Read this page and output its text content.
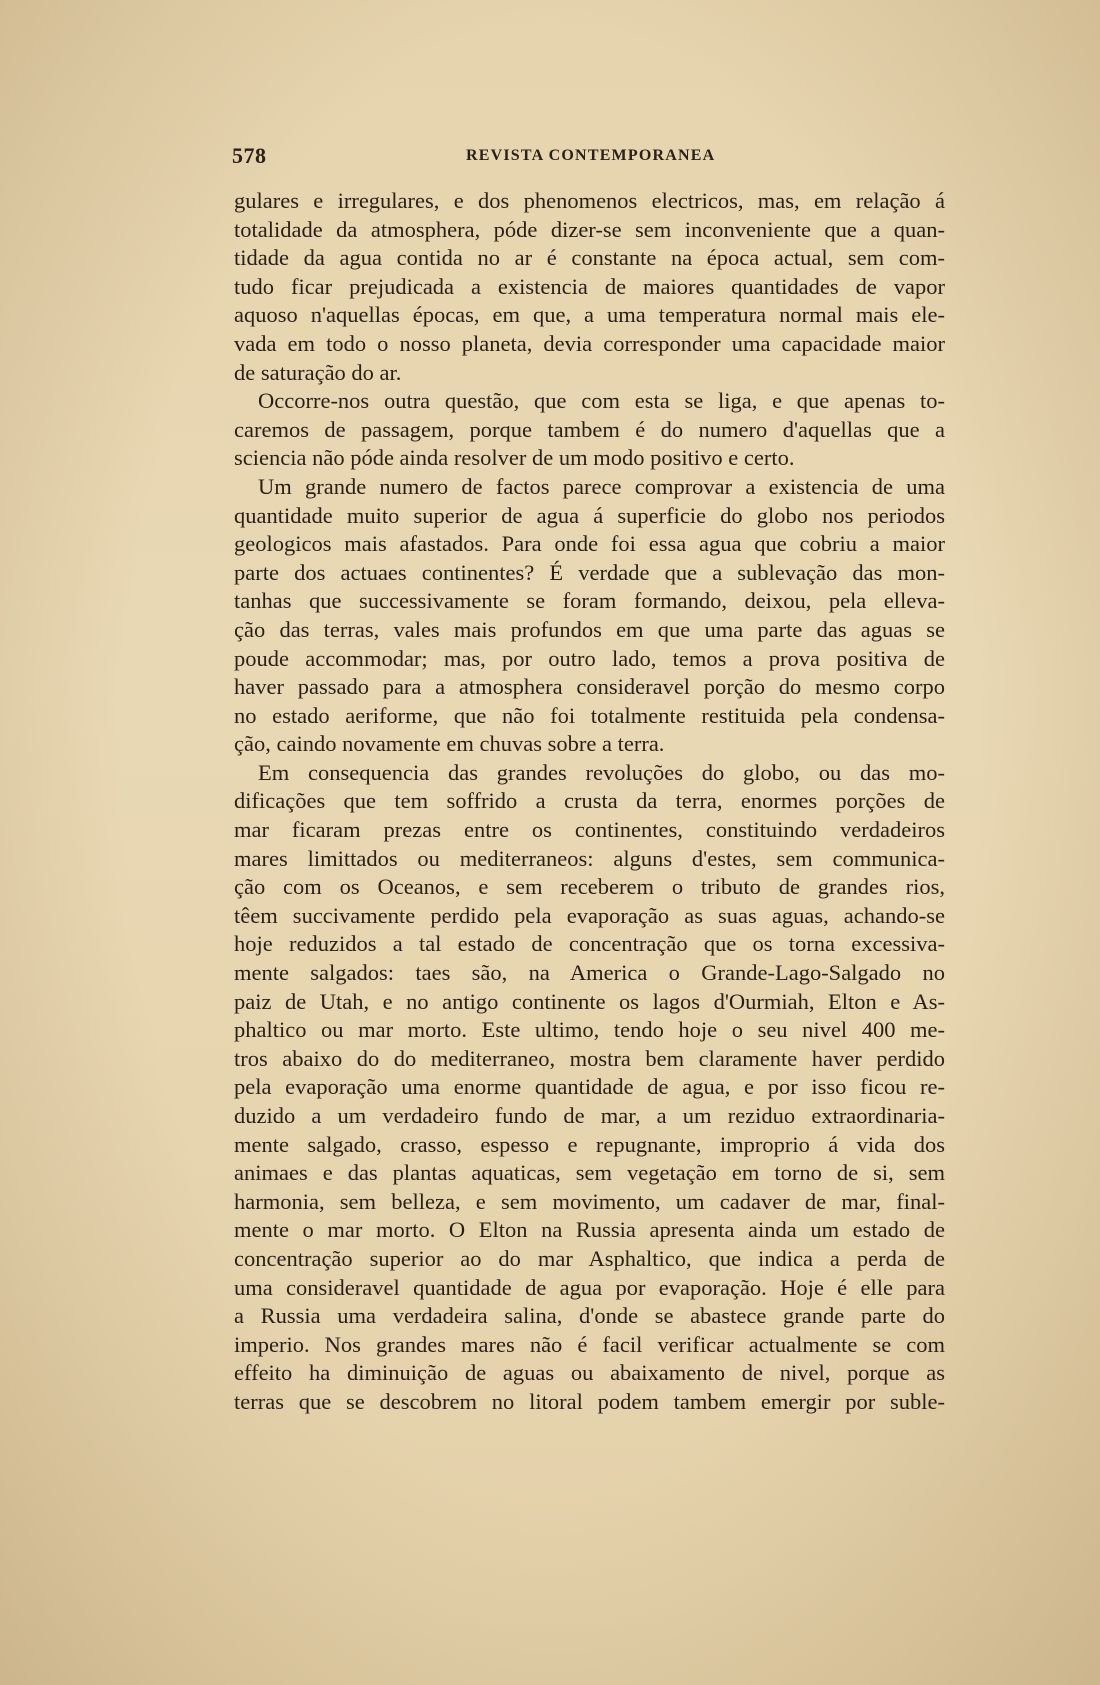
578	REVISTA CONTEMPORANEA
gulares e irregulares, e dos phenomenos electricos, mas, em relação á
totalidade da atmosphera, póde dizer-se sem inconveniente que a quan-
tidade da agua contida no ar é constante na época actual, sem com-
tudo ficar prejudicada a existencia de maiores quantidades de vapor
aquoso n'aquellas épocas, em que, a uma temperatura normal mais ele-
vada em todo o nosso planeta, devia corresponder uma capacidade maior
de saturação do ar.
Occorre-nos outra questão, que com esta se liga, e que apenas to-
caremos de passagem, porque tambem é do numero d'aquellas que a
sciencia não póde ainda resolver de um modo positivo e certo.
Um grande numero de factos parece comprovar a existencia de uma
quantidade muito superior de agua á superficie do globo nos periodos
geologicos mais afastados. Para onde foi essa agua que cobriu a maior
parte dos actuaes continentes? É verdade que a sublevação das mon-
tanhas que successivamente se foram formando, deixou, pela elleva-
ção das terras, vales mais profundos em que uma parte das aguas se
poude accommodar; mas, por outro lado, temos a prova positiva de
haver passado para a atmosphera consideravel porção do mesmo corpo
no estado aeriforme, que não foi totalmente restituida pela condensa-
ção, caindo novamente em chuvas sobre a terra.
Em consequencia das grandes revoluções do globo, ou das mo-
dificações que tem soffrido a crusta da terra, enormes porções de
mar ficaram prezas entre os continentes, constituindo verdadeiros
mares limittados ou mediterraneos: alguns d'estes, sem communica-
ção com os Oceanos, e sem receberem o tributo de grandes rios,
têem succivamente perdido pela evaporação as suas aguas, achando-se
hoje reduzidos a tal estado de concentração que os torna excessiva-
mente salgados: taes são, na America o Grande-Lago-Salgado no
paiz de Utah, e no antigo continente os lagos d'Ourmiah, Elton e As-
phaltico ou mar morto. Este ultimo, tendo hoje o seu nivel 400 me-
tros abaixo do do mediterraneo, mostra bem claramente haver perdido
pela evaporação uma enorme quantidade de agua, e por isso ficou re-
duzido a um verdadeiro fundo de mar, a um reziduo extraordinaria-
mente salgado, crasso, espesso e repugnante, improprio á vida dos
animaes e das plantas aquaticas, sem vegetação em torno de si, sem
harmonia, sem belleza, e sem movimento, um cadaver de mar, final-
mente o mar morto. O Elton na Russia apresenta ainda um estado de
concentração superior ao do mar Asphaltico, que indica a perda de
uma consideravel quantidade de agua por evaporação. Hoje é elle para
a Russia uma verdadeira salina, d'onde se abastece grande parte do
imperio. Nos grandes mares não é facil verificar actualmente se com
effeito ha diminuição de aguas ou abaixamento de nivel, porque as
terras que se descobrem no litoral podem tambem emergir por suble-
